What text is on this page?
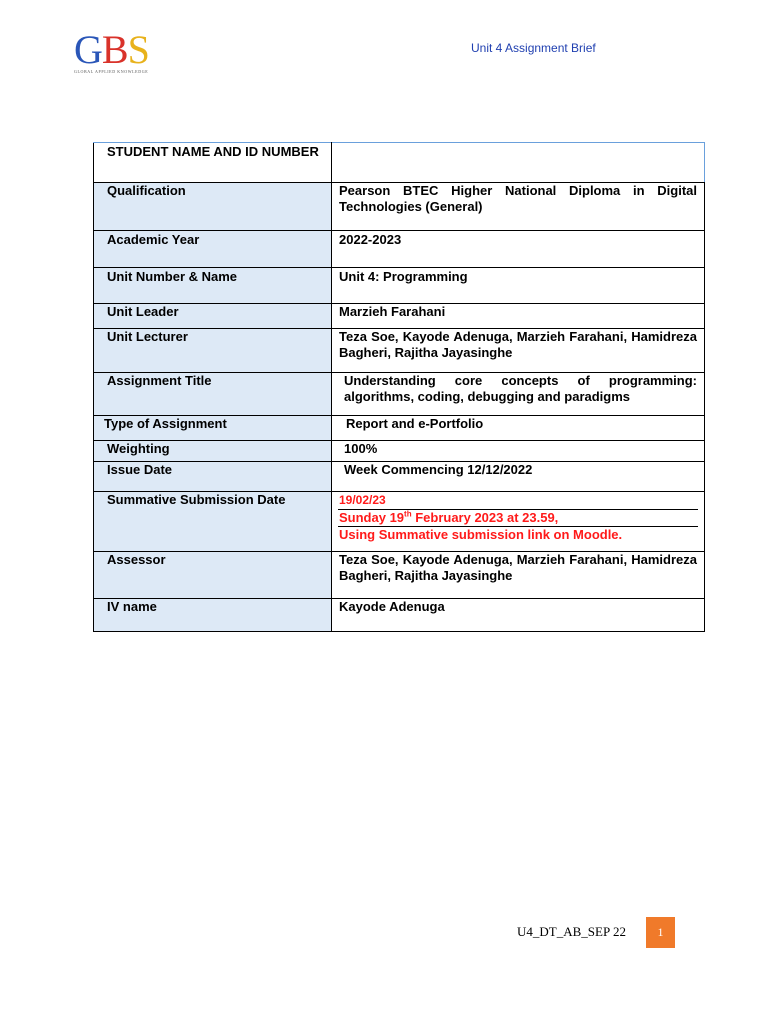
GBS
GLOBAL APPLIED KNOWLEDGE
Unit 4 Assignment Brief
STUDENT NAME AND ID NUMBER	

Qualification	Pearson BTEC Higher National Diploma in Digital Technologies (General)

Academic Year	2022-2023

Unit Number & Name	Unit 4: Programming

Unit Leader	Marzieh Farahani

Unit Lecturer	Teza Soe, Kayode Adenuga, Marzieh Farahani, Hamidreza Bagheri, Rajitha Jayasinghe

Assignment Title	Understanding core concepts of programming: algorithms, coding, debugging and paradigms

Type of Assignment	Report and e-Portfolio

Weighting	100%

Issue Date	Week Commencing 12/12/2022

Summative Submission Date	19/02/23
Sunday 19th February 2023 at 23.59,
Using Summative submission link on Moodle.

Assessor	Teza Soe, Kayode Adenuga, Marzieh Farahani, Hamidreza Bagheri, Rajitha Jayasinghe

IV name	Kayode Adenuga
U4_DT_AB_SEP 22	1
